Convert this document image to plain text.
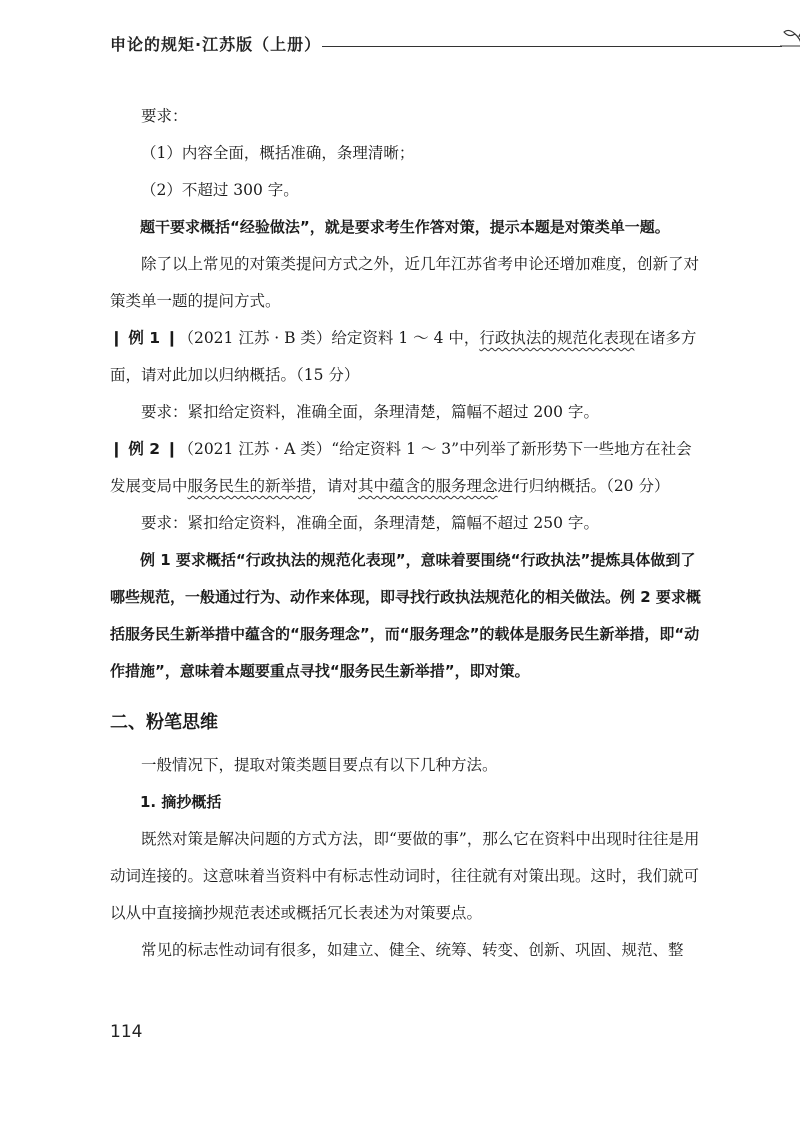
申论的规矩·江苏版（上册）

要求：

（1）内容全面，概括准确，条理清晰；

（2）不超过 300 字。

题干要求概括“经验做法”，就是要求考生作答对策，提示本题是对策类单一题。

除了以上常见的对策类提问方式之外，近几年江苏省考申论还增加难度，创新了对策类单一题的提问方式。

❙ 例 1 ❙（2021 江苏 · B 类）给定资料 1 ～ 4 中，行政执法的规范化表现在诸多方面，请对此加以归纳概括。（15 分）

要求：紧扣给定资料，准确全面，条理清楚，篇幅不超过 200 字。

❙ 例 2 ❙（2021 江苏 · A 类）“给定资料 1 ～ 3”中列举了新形势下一些地方在社会发展变局中服务民生的新举措，请对其中蕴含的服务理念进行归纳概括。（20 分）

要求：紧扣给定资料，准确全面，条理清楚，篇幅不超过 250 字。

例 1 要求概括“行政执法的规范化表现”，意味着要围绕“行政执法”提炼具体做到了哪些规范，一般通过行为、动作来体现，即寻找行政执法规范化的相关做法。例 2 要求概括服务民生新举措中蕴含的“服务理念”，而“服务理念”的载体是服务民生新举措，即“动作措施”，意味着本题要重点寻找“服务民生新举措”，即对策。

二、粉笔思维

一般情况下，提取对策类题目要点有以下几种方法。

1. 摘抄概括

既然对策是解决问题的方式方法，即“要做的事”，那么它在资料中出现时往往是用动词连接的。这意味着当资料中有标志性动词时，往往就有对策出现。这时，我们就可以从中直接摘抄规范表述或概括冗长表述为对策要点。

常见的标志性动词有很多，如建立、健全、统筹、转变、创新、巩固、规范、整

114
